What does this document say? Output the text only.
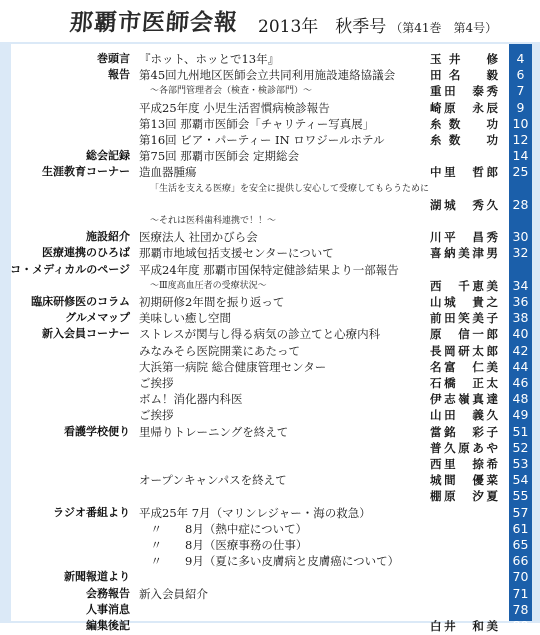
那覇市医師会報 2013年　秋季号 （第41巻　第4号）
巻頭言 『ホット、ホッとで13年』	玉井　修	4
報告 第45回九州地区医師会立共同利用施設連絡協議会	田名　毅	6
～各部門管理者会（検査・検診部門）～	重田　泰秀	7
平成25年度 小児生活習慣病検診報告	崎原　永辰	9
第13回 那覇市医師会「チャリティー写真展」	糸数　功 10
第16回 ビア・パーティー IN ロワジールホテル	糸数　功 12
総会記録 第75回 那覇市医師会 定期総会	14
生涯教育コーナー 造血器腫瘍	中里　哲郎 25
「生活を支える医療」を安全に提供し安心して受療してもらうために
湖城　秀久 28
～それは医科歯科連携で！！～
施設紹介 医療法人 社団かびら会	川平　昌秀 30
医療連携のひろば 那覇市地域包括支援センターについて	喜納美津男 32
コ・メディカルのページ 平成24年度 那覇市国保特定健診結果より一部報告
～Ⅲ度高血圧者の受療状況～	西　千恵美 34
臨床研修医のコラム 初期研修2年間を振り返って	山城　貴之 36
グルメマップ 美味しい癒し空間	前田笑美子 38
新入会員コーナー ストレスが関与し得る病気の診立てと心療内科	原　信一郎 40
みなみそら医院開業にあたって	長岡研太郎 42
大浜第一病院 総合健康管理センター	名富　仁美 44
ご挨拶	石橋　正太 46
ボム！消化器内科医	伊志嶺真達 48
ご挨拶	山田　義久 49
看護学校便り 里帰りトレーニングを終えて	當銘　彩子 51
普久原あや 52
西里　捺希 53
オープンキャンパスを終えて	城間　優菜 54
棚原　汐夏 55
ラジオ番組より 平成25年 7月（マリンレジャー・海の救急）	57
　〃　　8月（熱中症について）	61
　〃　　8月（医療事務の仕事）	65
　〃　　9月（夏に多い皮膚病と皮膚癌について）	66
新聞報道より	70
会務報告 新入会員紹介	71
人事消息	78
編集後記	白井　和美 80
